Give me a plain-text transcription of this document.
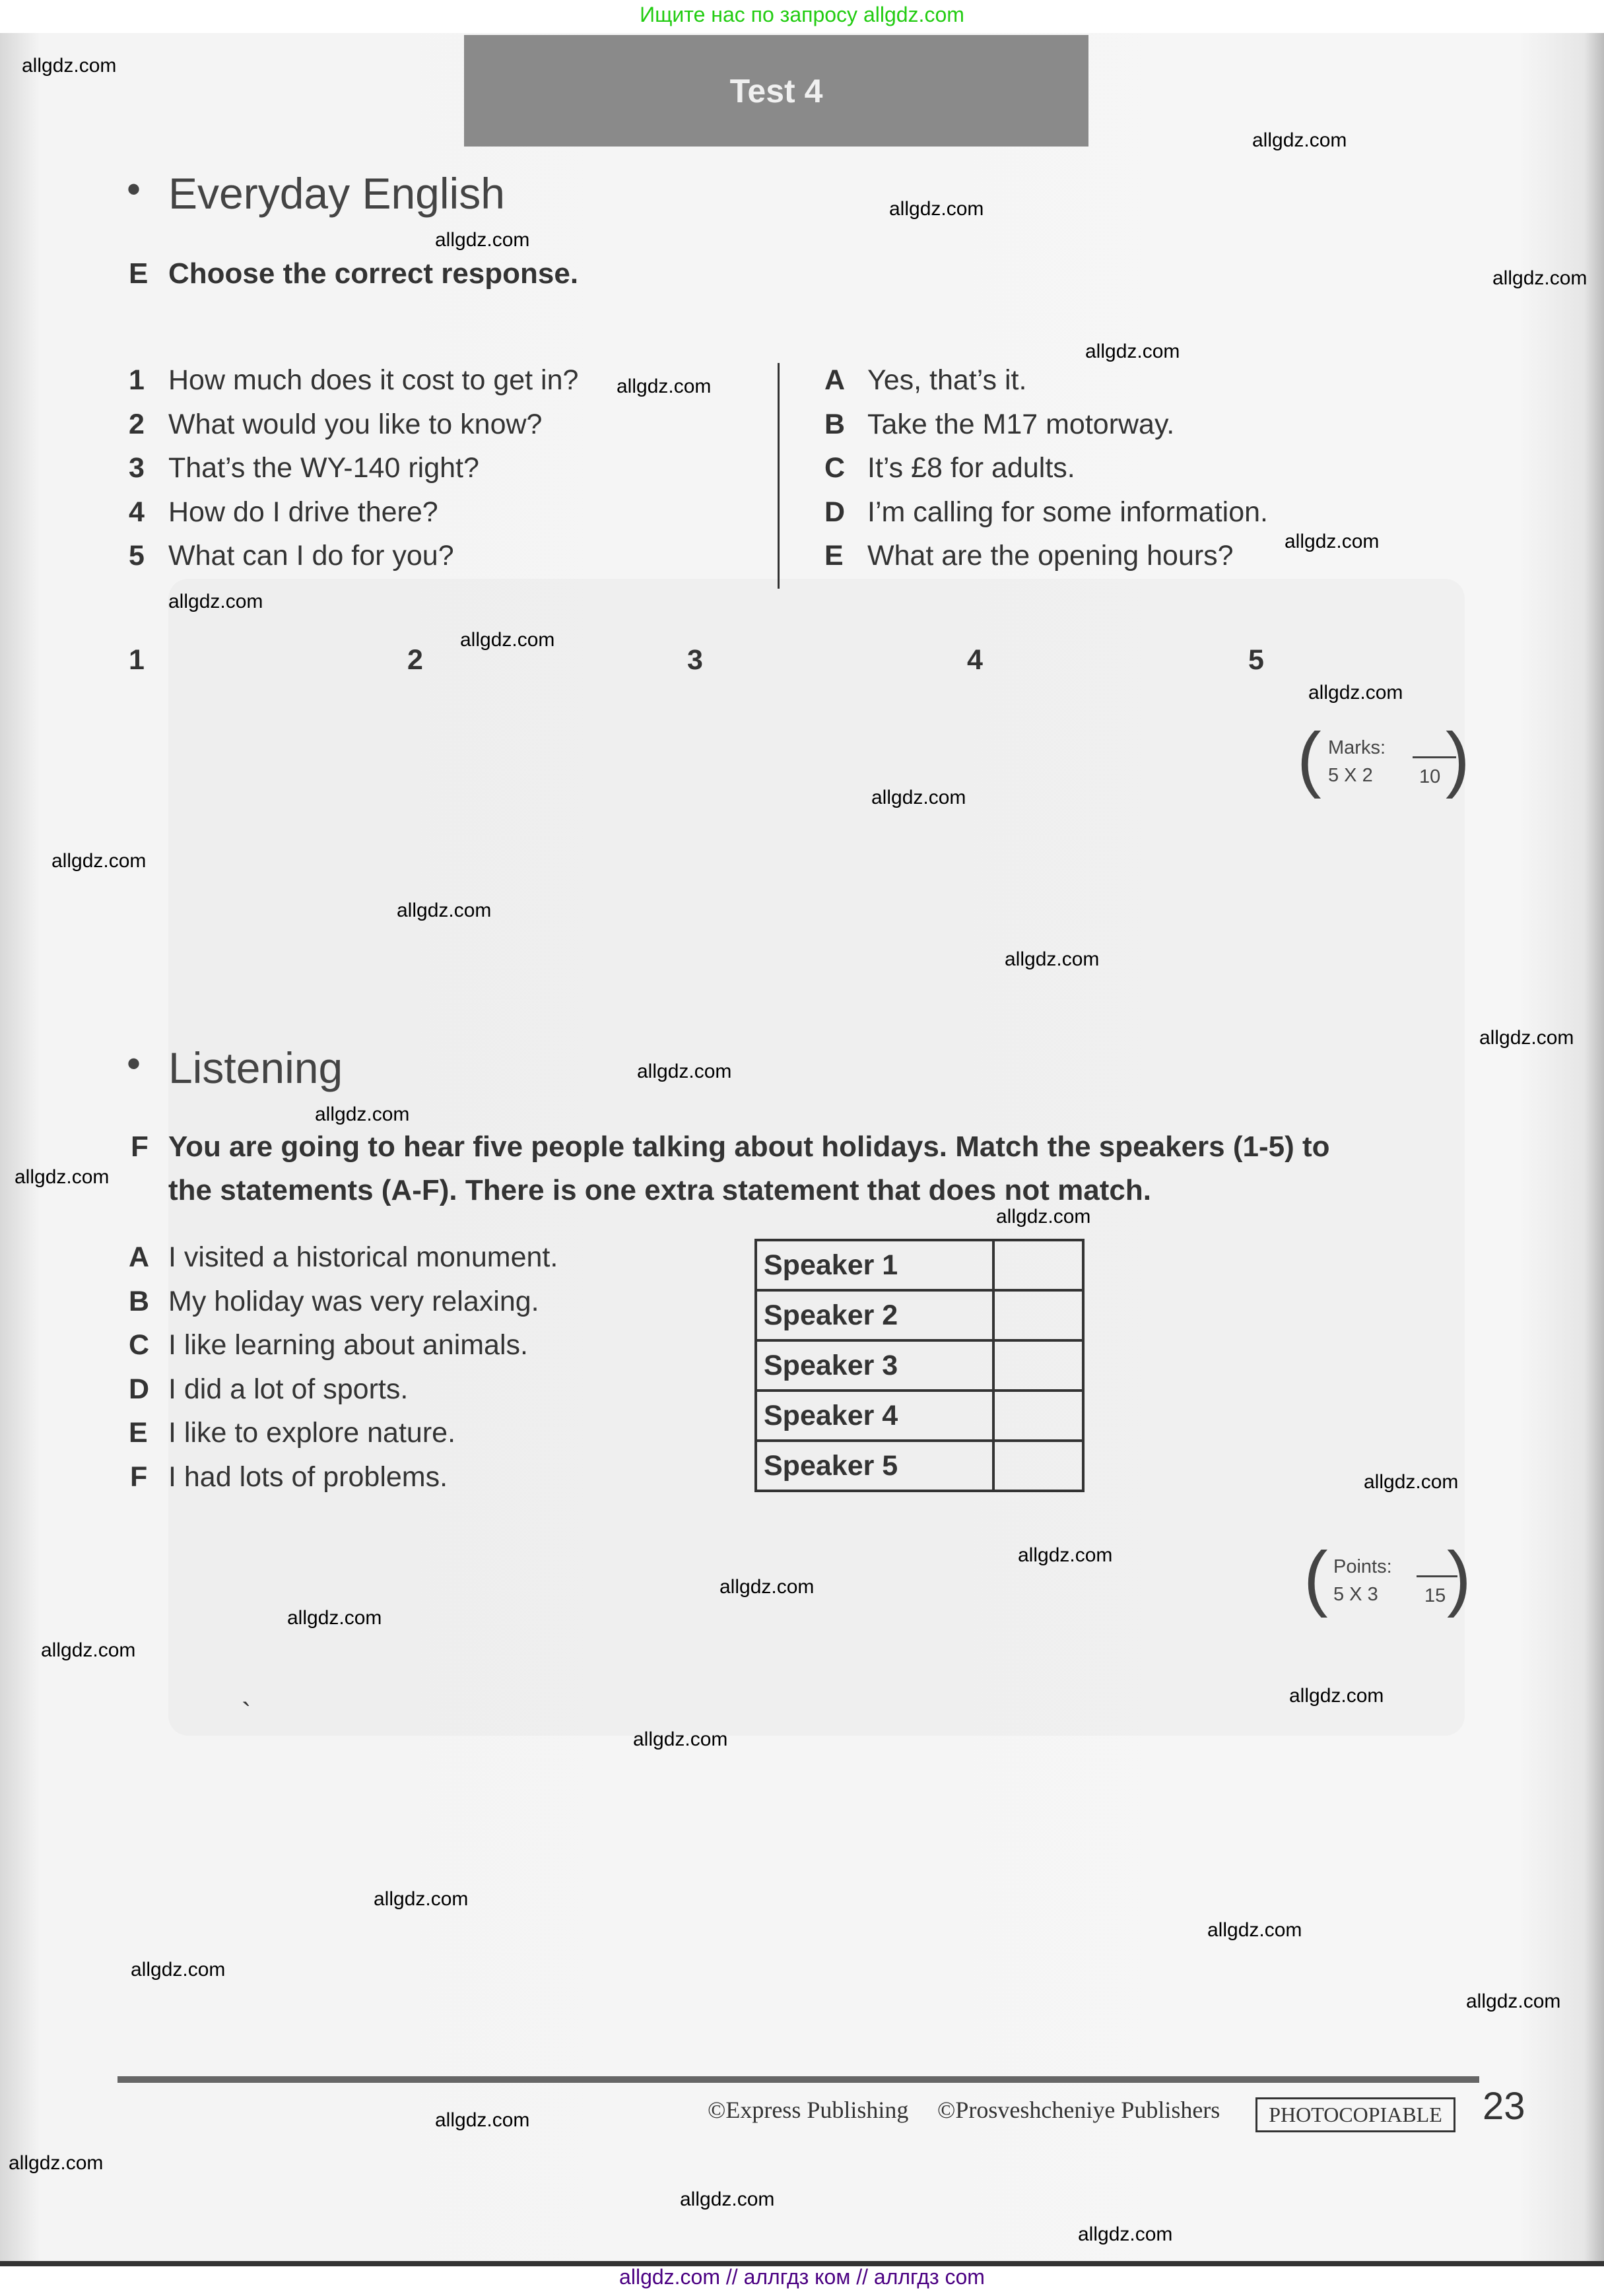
Ищите нас по запросу allgdz.com
Test 4
• Everyday English
E Choose the correct response.
1 How much does it cost to get in?
2 What would you like to know?
3 That’s the WY-140 right?
4 How do I drive there?
5 What can I do for you?
A Yes, that’s it.
B Take the M17 motorway.
C It’s £8 for adults.
D I’m calling for some information.
E What are the opening hours?
1	2	3	4	5
( Marks:
5 X 2 10 )
• Listening
F You are going to hear five people talking about holidays. Match the speakers (1-5) to
the statements (A-F). There is one extra statement that does not match.
A I visited a historical monument.
B My holiday was very relaxing.
C I like learning about animals.
D I did a lot of sports.
E I like to explore nature.
F I had lots of problems.
Speaker 1	
Speaker 2	
Speaker 3	
Speaker 4	
Speaker 5	
( Points:
5 X 3 15 )
`
©Express Publishing ©Prosveshcheniye Publishers	PHOTOCOPIABLE	23
allgdz.com // аллгдз ком // аллгдз com
allgdz.com
allgdz.com
allgdz.com
allgdz.com
allgdz.com
allgdz.com
allgdz.com
allgdz.com
allgdz.com
allgdz.com
allgdz.com
allgdz.com
allgdz.com
allgdz.com
allgdz.com
allgdz.com
allgdz.com
allgdz.com
allgdz.com
allgdz.com
allgdz.com
allgdz.com
allgdz.com
allgdz.com
allgdz.com
allgdz.com
allgdz.com
allgdz.com
allgdz.com
allgdz.com
allgdz.com
allgdz.com
allgdz.com
allgdz.com
allgdz.com
